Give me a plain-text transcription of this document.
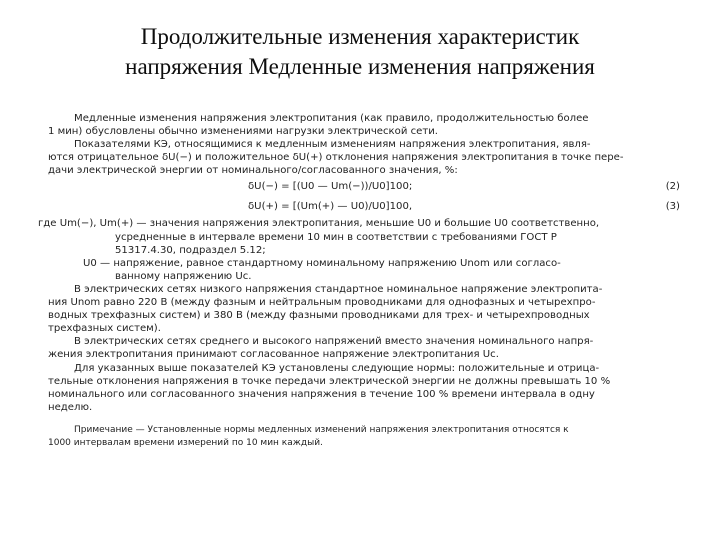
Продолжительные изменения характеристик
напряжения Медленные изменения напряжения

Медленные изменения напряжения электропитания (как правило, продолжительностью более

1 мин) обусловлены обычно изменениями нагрузки электрической сети.

Показателями КЭ, относящимися к медленным изменениям напряжения электропитания, явля-

ются отрицательное δU(−) и положительное δU(+) отклонения напряжения электропитания в точке пере-

дачи электрической энергии от номинального/согласованного значения, %:

δU(−) = [(U0 — Um(−))/U0]100;	(2)
δU(+) = [(Um(+) — U0)/U0]100,	(3)

где Um(−), Um(+) — значения напряжения электропитания, меньшие U0 и большие U0 соответственно,

усредненные в интервале времени 10 мин в соответствии с требованиями ГОСТ Р

51317.4.30, подраздел 5.12;

U0 — напряжение, равное стандартному номинальному напряжению Unom или согласо-

ванному напряжению Uc.

В электрических сетях низкого напряжения стандартное номинальное напряжение электропита-

ния Unom равно 220 В (между фазным и нейтральным проводниками для однофазных и четырехпро-

водных трехфазных систем) и 380 В (между фазными проводниками для трех- и четырехпроводных

трехфазных систем).

В электрических сетях среднего и высокого напряжений вместо значения номинального напря-

жения электропитания принимают согласованное напряжение электропитания Uc.

Для указанных выше показателей КЭ установлены следующие нормы: положительные и отрица-

тельные отклонения напряжения в точке передачи электрической энергии не должны превышать 10 %

номинального или согласованного значения напряжения в течение 100 % времени интервала в одну

неделю.

Примечание — Установленные нормы медленных изменений напряжения электропитания относятся к

1000 интервалам времени измерений по 10 мин каждый.
